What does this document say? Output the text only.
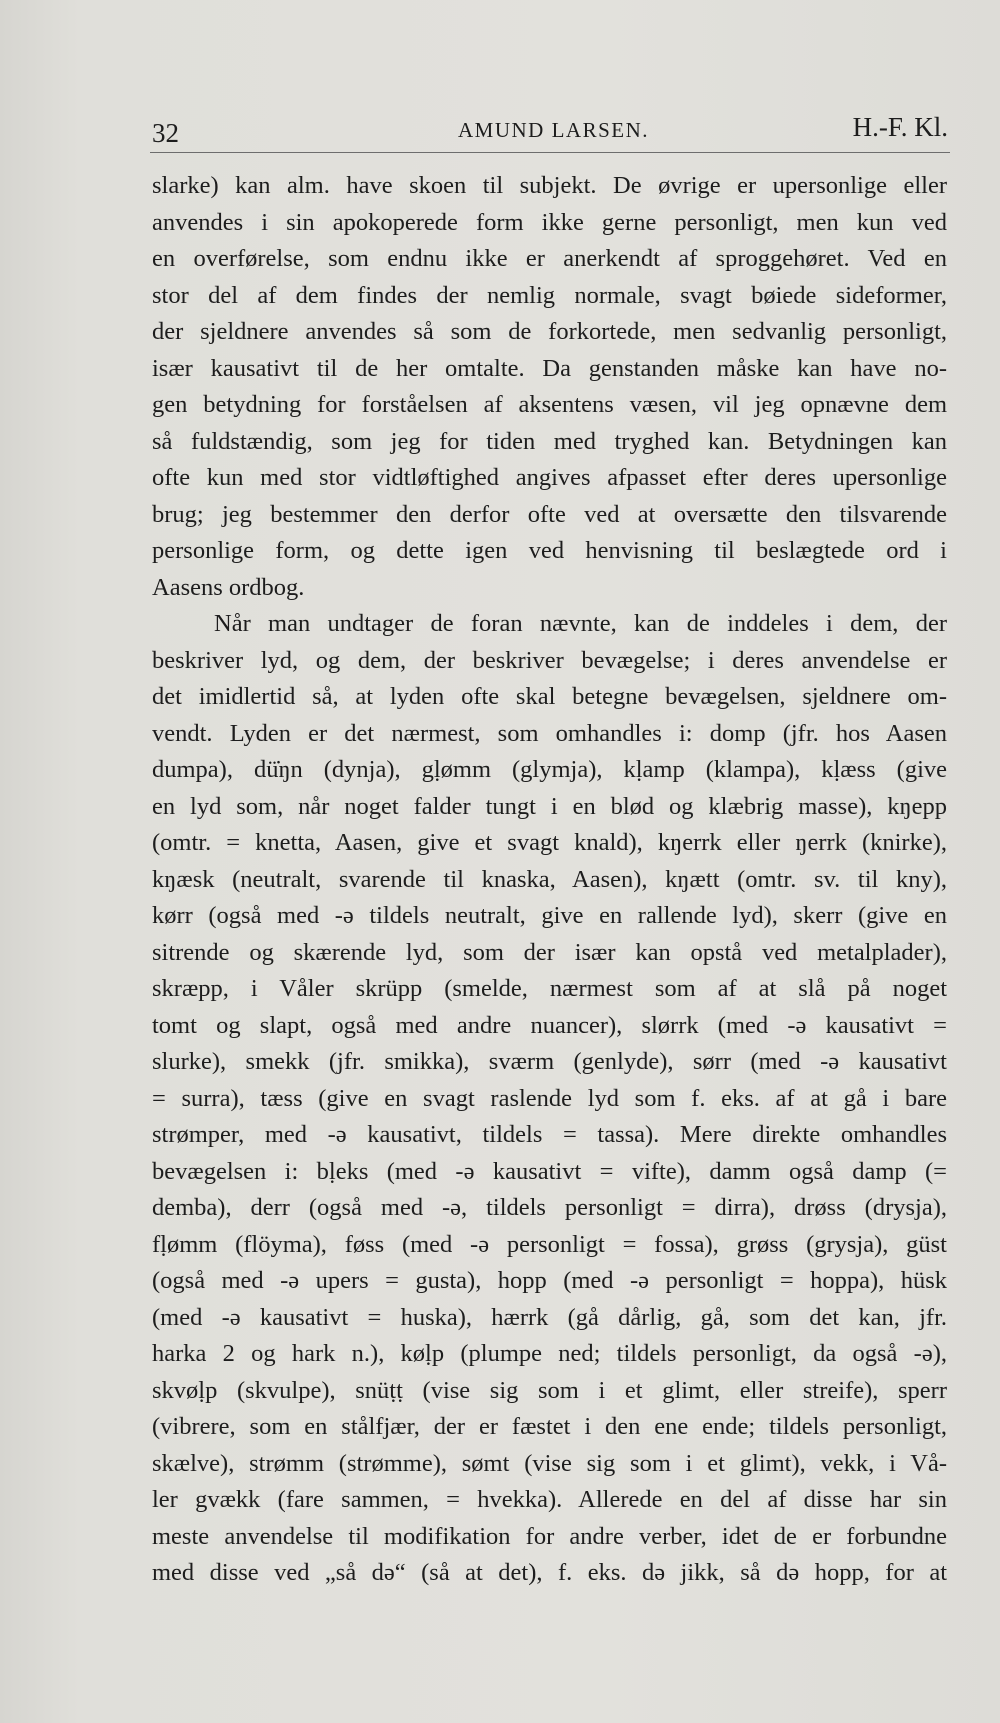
32	AMUND LARSEN.	H.-F. Kl.
slarke) kan alm. have skoen til subjekt. De øvrige er upersonlige eller
anvendes i sin apokoperede form ikke gerne personligt, men kun ved
en overførelse, som endnu ikke er anerkendt af sproggehøret. Ved en
stor del af dem findes der nemlig normale, svagt bøiede sideformer,
der sjeldnere anvendes så som de forkortede, men sedvanlig personligt,
især kausativt til de her omtalte. Da genstanden måske kan have no-
gen betydning for forståelsen af aksentens væsen, vil jeg opnævne dem
så fuldstændig, som jeg for tiden med tryghed kan. Betydningen kan
ofte kun med stor vidtløftighed angives afpasset efter deres upersonlige
brug; jeg bestemmer den derfor ofte ved at oversætte den tilsvarende
personlige form, og dette igen ved henvisning til beslægtede ord i
Aasens ordbog.
Når man undtager de foran nævnte, kan de inddeles i dem, der
beskriver lyd, og dem, der beskriver bevægelse; i deres anvendelse er
det imidlertid så, at lyden ofte skal betegne bevægelsen, sjeldnere om-
vendt. Lyden er det nærmest, som omhandles i: domp (jfr. hos Aasen
dumpa), dü̇ŋn (dynja), gḷømm (glymja), kḷamp (klampa), kḷæss (give
en lyd som, når noget falder tungt i en blød og klæbrig masse), kŋepp
(omtr. = knetta, Aasen, give et svagt knald), kŋerrk eller ŋerrk (knirke),
kŋæsk (neutralt, svarende til knaska, Aasen), kŋætt (omtr. sv. til kny),
kørr (også med -ə tildels neutralt, give en rallende lyd), skerr (give en
sitrende og skærende lyd, som der især kan opstå ved metalplader),
skræpp, i Våler skrüpp (smelde, nærmest som af at slå på noget
tomt og slapt, også med andre nuancer), slørrk (med -ə kausativt =
slurke), smekk (jfr. smikka), sværm (genlyde), sørr (med -ə kausativt
= surra), tæss (give en svagt raslende lyd som f. eks. af at gå i bare
strømper, med -ə kausativt, tildels = tassa). Mere direkte omhandles
bevægelsen i: bḷeks (med -ə kausativt = vifte), damm også damp (=
demba), derr (også med -ə, tildels personligt = dirra), drøss (drysja),
fḷømm (flöyma), føss (med -ə personligt = fossa), grøss (grysja), güst
(også med -ə upers = gusta), hopp (med -ə personligt = hoppa), hüsk
(med -ə kausativt = huska), hærrk (gå dårlig, gå, som det kan, jfr.
harka 2 og hark n.), køḷp (plumpe ned; tildels personligt, da også -ə),
skvøḷp (skvulpe), snüṭṭ (vise sig som i et glimt, eller streife), sperr
(vibrere, som en stålfjær, der er fæstet i den ene ende; tildels personligt,
skælve), strømm (strømme), sømt (vise sig som i et glimt), vekk, i Vå-
ler gvækk (fare sammen, = hvekka). Allerede en del af disse har sin
meste anvendelse til modifikation for andre verber, idet de er forbundne
med disse ved „så də“ (så at det), f. eks. də jikk, så də hopp, for at
